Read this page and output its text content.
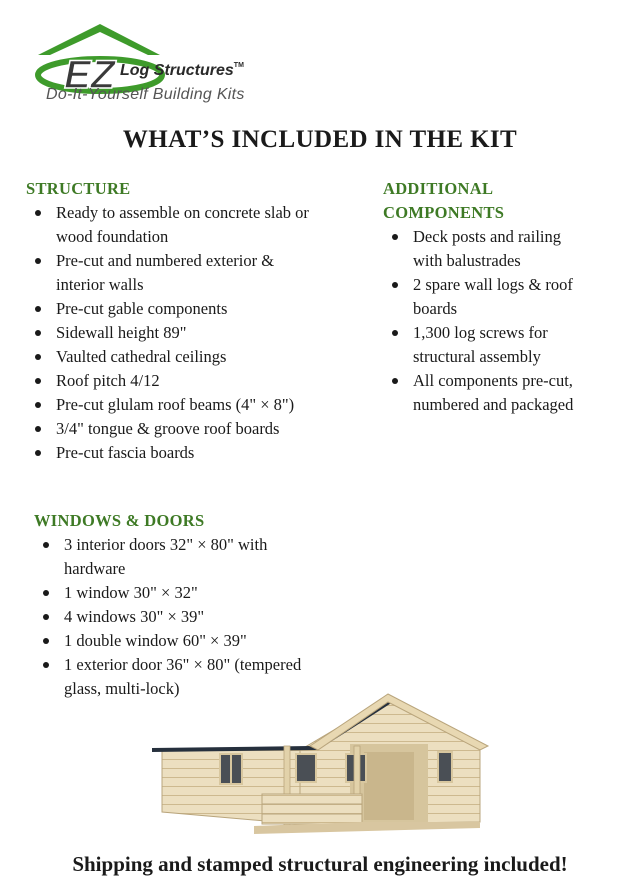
EZ Log Structures™
Do-It-Yourself Building Kits
WHAT’S INCLUDED IN THE KIT
STRUCTURE
Ready to assemble on concrete slab or wood foundation
Pre-cut and numbered exterior & interior walls
Pre-cut gable components
Sidewall height 89"
Vaulted cathedral ceilings
Roof pitch 4/12
Pre-cut glulam roof beams (4" × 8")
3/4" tongue & groove roof boards
Pre-cut fascia boards
ADDITIONAL
COMPONENTS
Deck posts and railing with balustrades
2 spare wall logs & roof boards
1,300 log screws for structural assembly
All components pre-cut, numbered and packaged
WINDOWS & DOORS
3 interior doors 32" × 80" with hardware
1 window 30" × 32"
4 windows 30" × 39"
1 double window 60" × 39"
1 exterior door 36" × 80" (tempered glass, multi-lock)
Shipping and stamped structural engineering included!
